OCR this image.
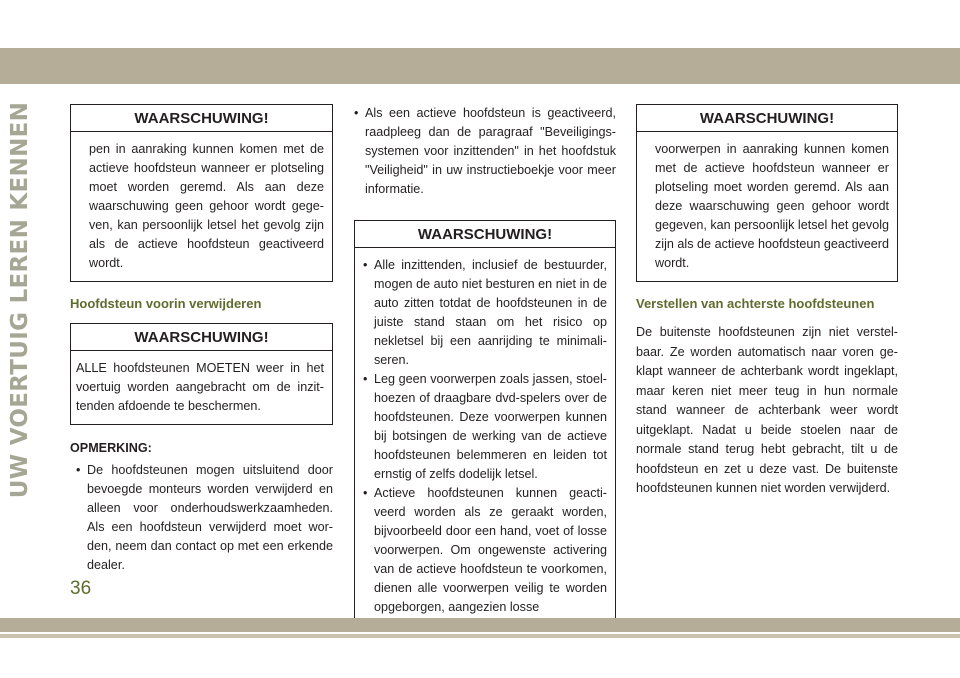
UW VOERTUIG LEREN KENNEN	WAARSCHUWING!
pen in aanraking kunnen komen met de actieve hoofdsteun wanneer er plotseling moet worden geremd. Als aan deze waarschuwing geen gehoor wordt gegeven, kan persoonlijk letsel het gevolg zijn als de actieve hoofdsteun geactiveerd wordt.
Hoofdsteun voorin verwijderen
WAARSCHUWING!
ALLE hoofdsteunen MOETEN weer in het voertuig worden aangebracht om de inzittenden afdoende te beschermen.
OPMERKING:
• De hoofdsteunen mogen uitsluitend door bevoegde monteurs worden verwijderd en alleen voor onderhoudswerkzaamheden. Als een hoofdsteun verwijderd moet worden, neem dan contact op met een erkende dealer.
• Als een actieve hoofdsteun is geactiveerd, raadpleeg dan de paragraaf "Beveiligingssystemen voor inzittenden" in het hoofdstuk "Veiligheid" in uw instructieboekje voor meer informatie.
WAARSCHUWING!
• Alle inzittenden, inclusief de bestuurder, mogen de auto niet besturen en niet in de auto zitten totdat de hoofdsteunen in de juiste stand staan om het risico op nekletsel bij een aanrijding te minimaliseren.
• Leg geen voorwerpen zoals jassen, stoelhoezen of draagbare dvd-spelers over de hoofdsteunen. Deze voorwerpen kunnen bij botsingen de werking van de actieve hoofdsteunen belemmeren en leiden tot ernstig of zelfs dodelijk letsel.
• Actieve hoofdsteunen kunnen geactiveerd worden als ze geraakt worden, bijvoorbeeld door een hand, voet of losse voorwerpen. Om ongewenste activering van de actieve hoofdsteun te voorkomen, dienen alle voorwerpen veilig te worden opgeborgen, aangezien losse
WAARSCHUWING!
voorwerpen in aanraking kunnen komen met de actieve hoofdsteun wanneer er plotseling moet worden geremd. Als aan deze waarschuwing geen gehoor wordt gegeven, kan persoonlijk letsel het gevolg zijn als de actieve hoofdsteun geactiveerd wordt.
Verstellen van achterste hoofdsteunen

De buitenste hoofdsteunen zijn niet verstelbaar. Ze worden automatisch naar voren geklapt wanneer de achterbank wordt ingeklapt, maar keren niet meer teug in hun normale stand wanneer de achterbank weer wordt uitgeklapt. Nadat u beide stoelen naar de normale stand terug hebt gebracht, tilt u de hoofdsteun en zet u deze vast. De buitenste hoofdsteunen kunnen niet worden verwijderd.

36
